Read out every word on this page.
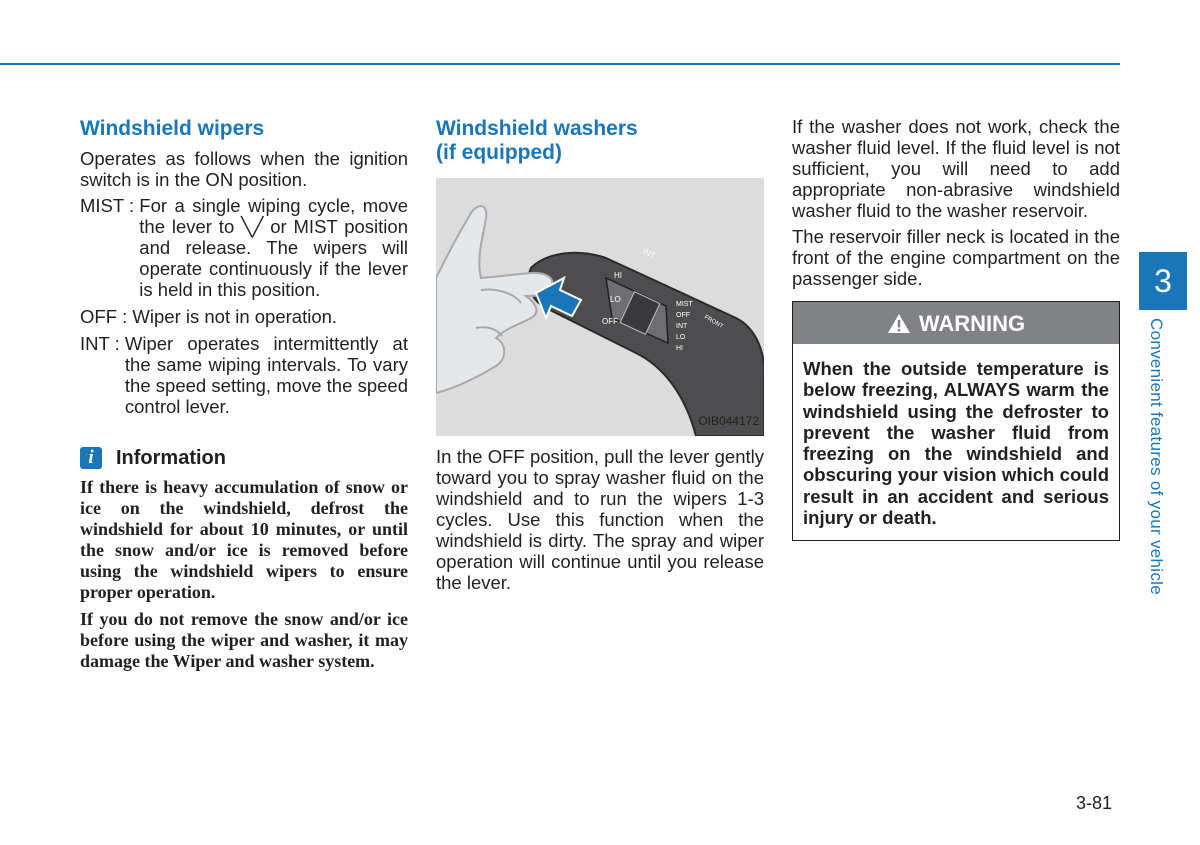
Windshield wipers

Operates as follows when the ignition switch is in the ON position.

MIST : For a single wiping cycle, move the lever to ╲╱ or MIST position and release. The wipers will operate continuously if the lever is held in this position.
OFF : Wiper is not in operation.
INT : Wiper operates intermittently at the same wiping intervals. To vary the speed setting, move the speed control lever.
i	Information
If there is heavy accumulation of snow or ice on the windshield, defrost the windshield for about 10 minutes, or until the snow and/or ice is removed before using the windshield wipers to ensure proper operation.
If you do not remove the snow and/or ice before using the wiper and washer, it may damage the Wiper and washer system.
Windshield washers
(if equipped)
INT
HI
LO
OFF
MIST
OFF
INT
LO
HI
FRONT
OIB044172

In the OFF position, pull the lever gently toward you to spray washer fluid on the windshield and to run the wipers 1-3 cycles. Use this function when the windshield is dirty. The spray and wiper operation will continue until you release the lever.

If the washer does not work, check the washer fluid level. If the fluid level is not sufficient, you will need to add appropriate non-abrasive windshield washer fluid to the washer reservoir.

The reservoir filler neck is located in the front of the engine compartment on the passenger side.

WARNING
When the outside temperature is below freezing, ALWAYS warm the windshield using the defroster to prevent the washer fluid from freezing on the windshield and obscuring your vision which could result in an accident and serious injury or death.
3
Convenient features of your vehicle
3-81
